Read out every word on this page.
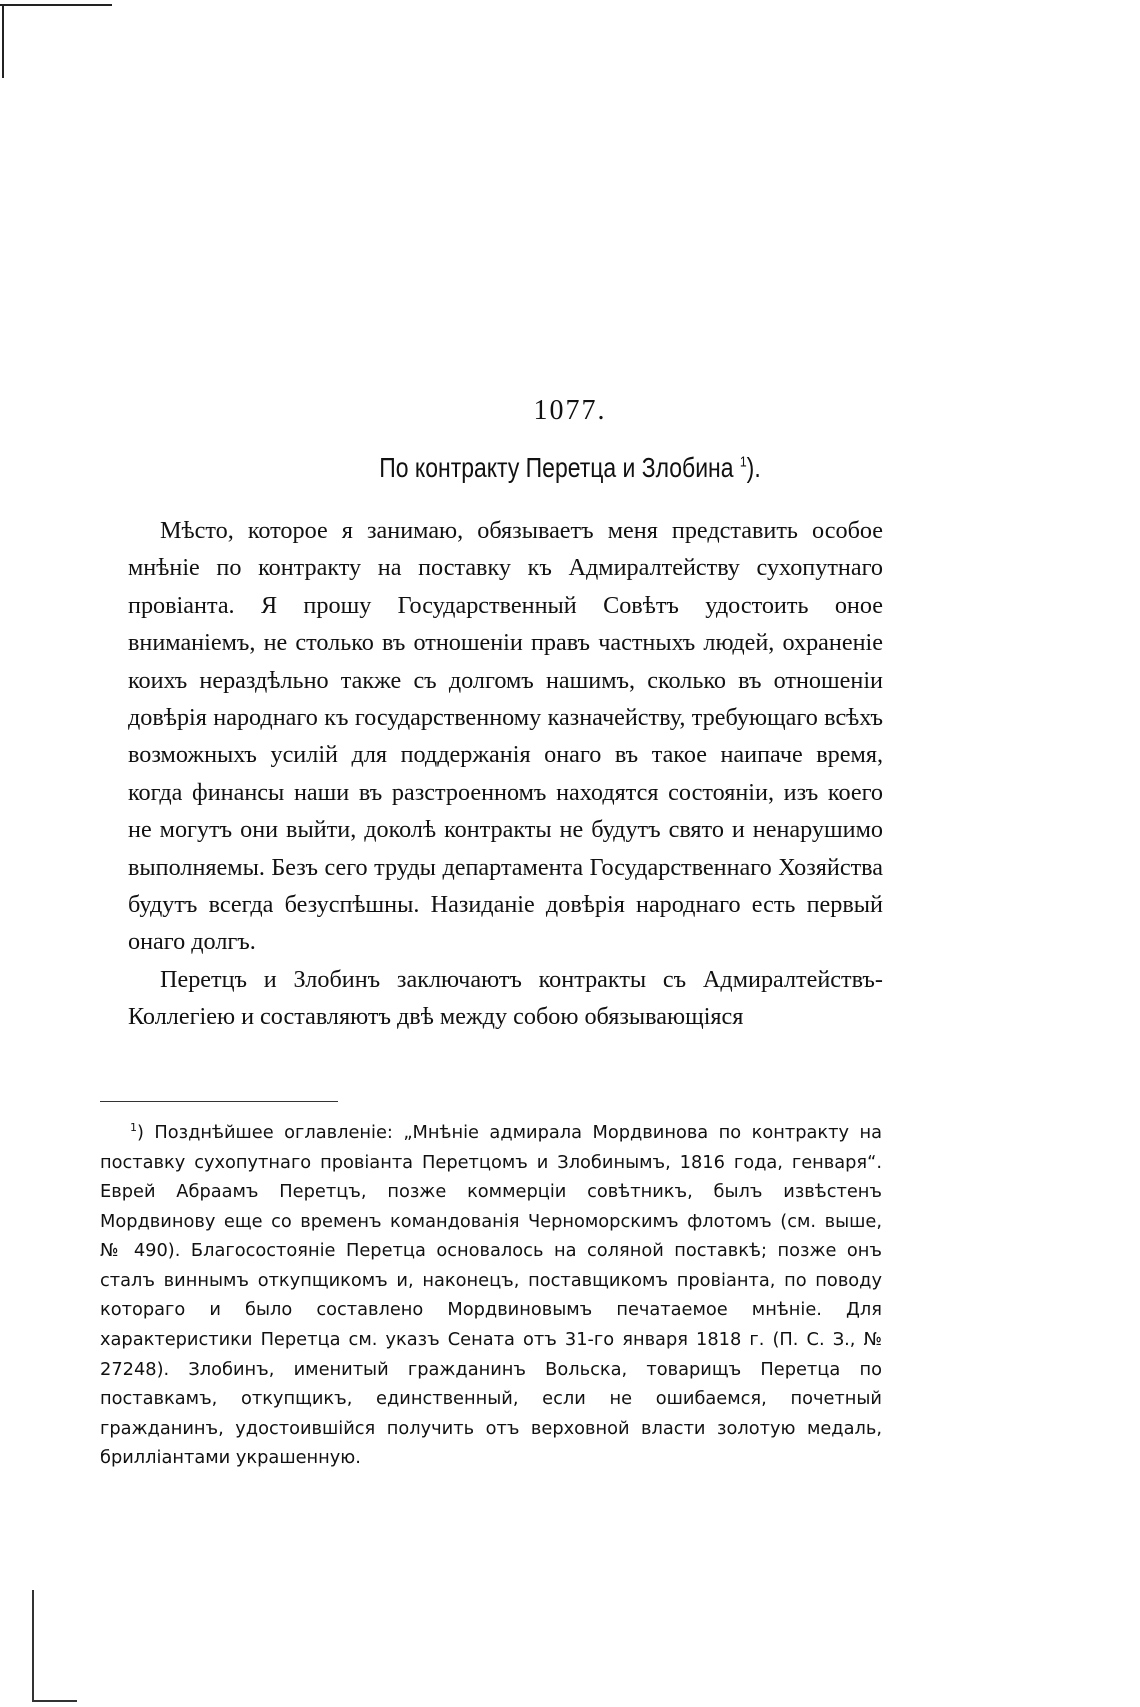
1077.
По контракту Перетца и Злобина $^1$).

Мѣсто, которое я занимаю, обязываетъ меня представить особое мнѣніе по контракту на поставку къ Адмиралтейству сухопутнаго провіанта. Я прошу Государственный Совѣтъ удостоить оное вниманіемъ, не столько въ отношеніи правъ частныхъ людей, охраненіе коихъ нераздѣльно также съ долгомъ нашимъ, сколько въ отношеніи довѣрія народнаго къ государственному казначейству, требующаго всѣхъ возможныхъ усилій для поддержанія онаго въ такое наипаче время, когда финансы наши въ разстроенномъ находятся состояніи, изъ коего не могутъ они выйти, доколѣ контракты не будутъ свято и ненарушимо выполняемы. Безъ сего труды департамента Государственнаго Хозяйства будутъ всегда безуспѣшны. Назиданіе довѣрія народнаго есть первый онаго долгъ.

Перетцъ и Злобинъ заключаютъ контракты съ Адмиралтействъ-Коллегіею и составляютъ двѣ между собою обязывающіяся

$^1$) Позднѣйшее оглавленіе: „Мнѣніе адмирала Мордвинова по контракту на поставку сухопутнаго провіанта Перетцомъ и Злобинымъ, 1816 года, генваря“. Еврей Абраамъ Перетцъ, позже коммерціи совѣтникъ, былъ извѣстенъ Мордвинову еще со временъ командованія Черноморскимъ флотомъ (см. выше, № 490). Благосостояніе Перетца основалось на соляной поставкѣ; позже онъ сталъ виннымъ откупщикомъ и, наконецъ, поставщикомъ провіанта, по поводу котораго и было составлено Мордвиновымъ печатаемое мнѣніе. Для характеристики Перетца см. указъ Сената отъ 31-го января 1818 г. (П. С. З., № 27248). Злобинъ, именитый гражданинъ Вольска, товарищъ Перетца по поставкамъ, откупщикъ, единственный, если не ошибаемся, почетный гражданинъ, удостоившійся получить отъ верховной власти золотую медаль, брилліантами украшенную.
